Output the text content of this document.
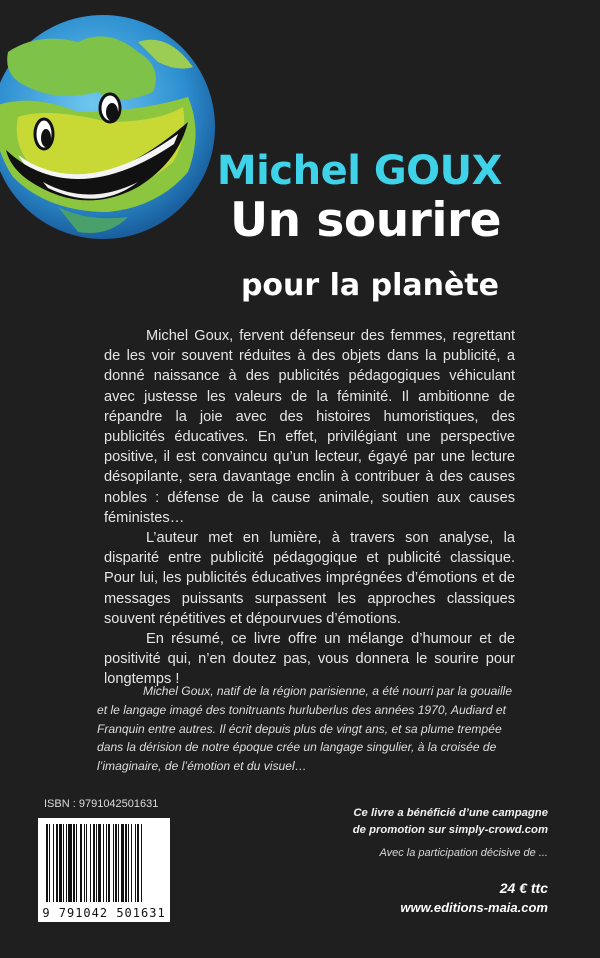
Michel GOUX
Un sourire
pour la planète

Michel Goux, fervent défenseur des femmes, regrettant de les voir souvent réduites à des objets dans la publicité, a donné naissance à des publicités pédagogiques véhiculant avec justesse les valeurs de la féminité. Il ambitionne de répandre la joie avec des histoires humoristiques, des publicités éducatives. En effet, privilégiant une perspective positive, il est convaincu qu’un lecteur, égayé par une lecture désopilante, sera davantage enclin à contribuer à des causes nobles : défense de la cause animale, soutien aux causes féministes…

L’auteur met en lumière, à travers son analyse, la disparité entre publicité pédagogique et publicité classique. Pour lui, les publicités éducatives imprégnées d’émotions et de messages puissants surpassent les approches classiques souvent répétitives et dépourvues d’émotions.

En résumé, ce livre offre un mélange d’humour et de positivité qui, n’en doutez pas, vous donnera le sourire pour longtemps !

Michel Goux, natif de la région parisienne, a été nourri par la gouaille et le langage imagé des tonitruants hurluberlus des années 1970, Audiard et Franquin entre autres. Il écrit depuis plus de vingt ans, et sa plume trempée dans la dérision de notre époque crée un langage singulier, à la croisée de l’imaginaire, de l’émotion et du visuel…

ISBN : 9791042501631
9 791042 501631
Ce livre a bénéficié d’une campagne
de promotion sur simply-crowd.com
Avec la participation décisive de ...
24 € ttc
www.editions-maia.com
